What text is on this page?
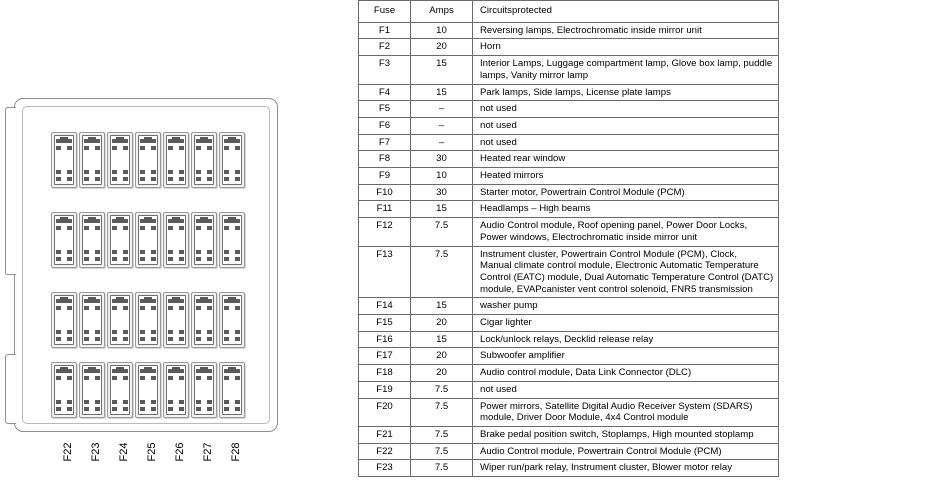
F22	F23	F24	F25	F26	F27	F28
Fuse	Amps	Circuitsprotected
F1	10	Reversing lamps, Electrochromatic inside mirror unit

F2	20	Horn

F3	15	Interior Lamps, Luggage compartment lamp, Glove box lamp, puddle
lamps, Vanity mirror lamp

F4	15	Park lamps, Side lamps, License plate lamps

F5	–	not used

F6	–	not used

F7	–	not used

F8	30	Heated rear window

F9	10	Heated mirrors

F10	30	Starter motor, Powertrain Control Module (PCM)

F11	15	Headlamps – High beams

F12	7.5	Audio Control module, Roof opening panel, Power Door Locks,
Power windows, Electrochromatic inside mirror unit

F13	7.5	Instrument cluster, Powertrain Control Module (PCM), Clock,
Manual climate control module, Electronic Automatic Temperature
Control (EATC) module, Dual Automatic Temperature Control (DATC)
module, EVAPcanister vent control solenoid, FNR5 transmission

F14	15	washer pump

F15	20	Cigar lighter

F16	15	Lock/unlock relays, Decklid release relay

F17	20	Subwoofer amplifier

F18	20	Audio control module, Data Link Connector (DLC)

F19	7.5	not used

F20	7.5	Power mirrors, Satellite Digital Audio Receiver System (SDARS)
module, Driver Door Module, 4x4 Control module

F21	7.5	Brake pedal position switch, Stoplamps, High mounted stoplamp

F22	7.5	Audio Control module, Powertrain Control Module (PCM)

F23	7.5	Wiper run/park relay, Instrument cluster, Blower motor relay
